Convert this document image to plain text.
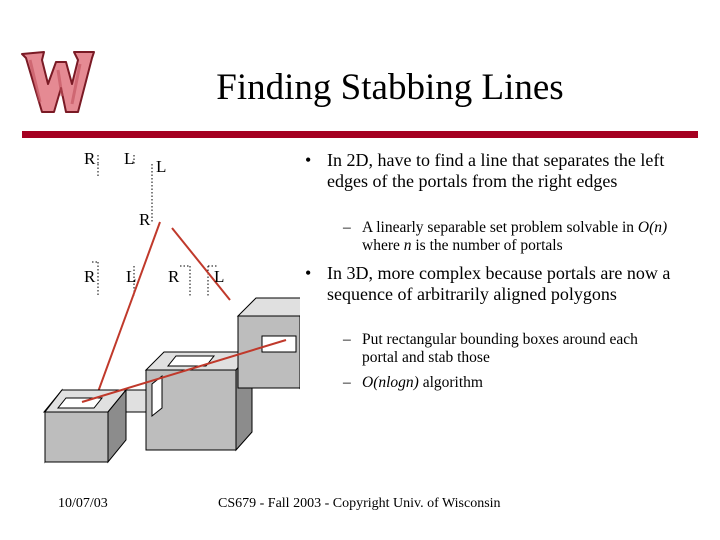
Finding Stabbing Lines
R L L
R
R L R L
• In 2D, have to find a line that separates the left edges of the portals from the right edges
– A linearly separable set problem solvable in O(n) where n is the number of portals
• In 3D, more complex because portals are now a sequence of arbitrarily aligned polygons
– Put rectangular bounding boxes around each portal and stab those
– O(nlogn) algorithm
10/07/03	CS679 - Fall 2003 - Copyright Univ. of Wisconsin
